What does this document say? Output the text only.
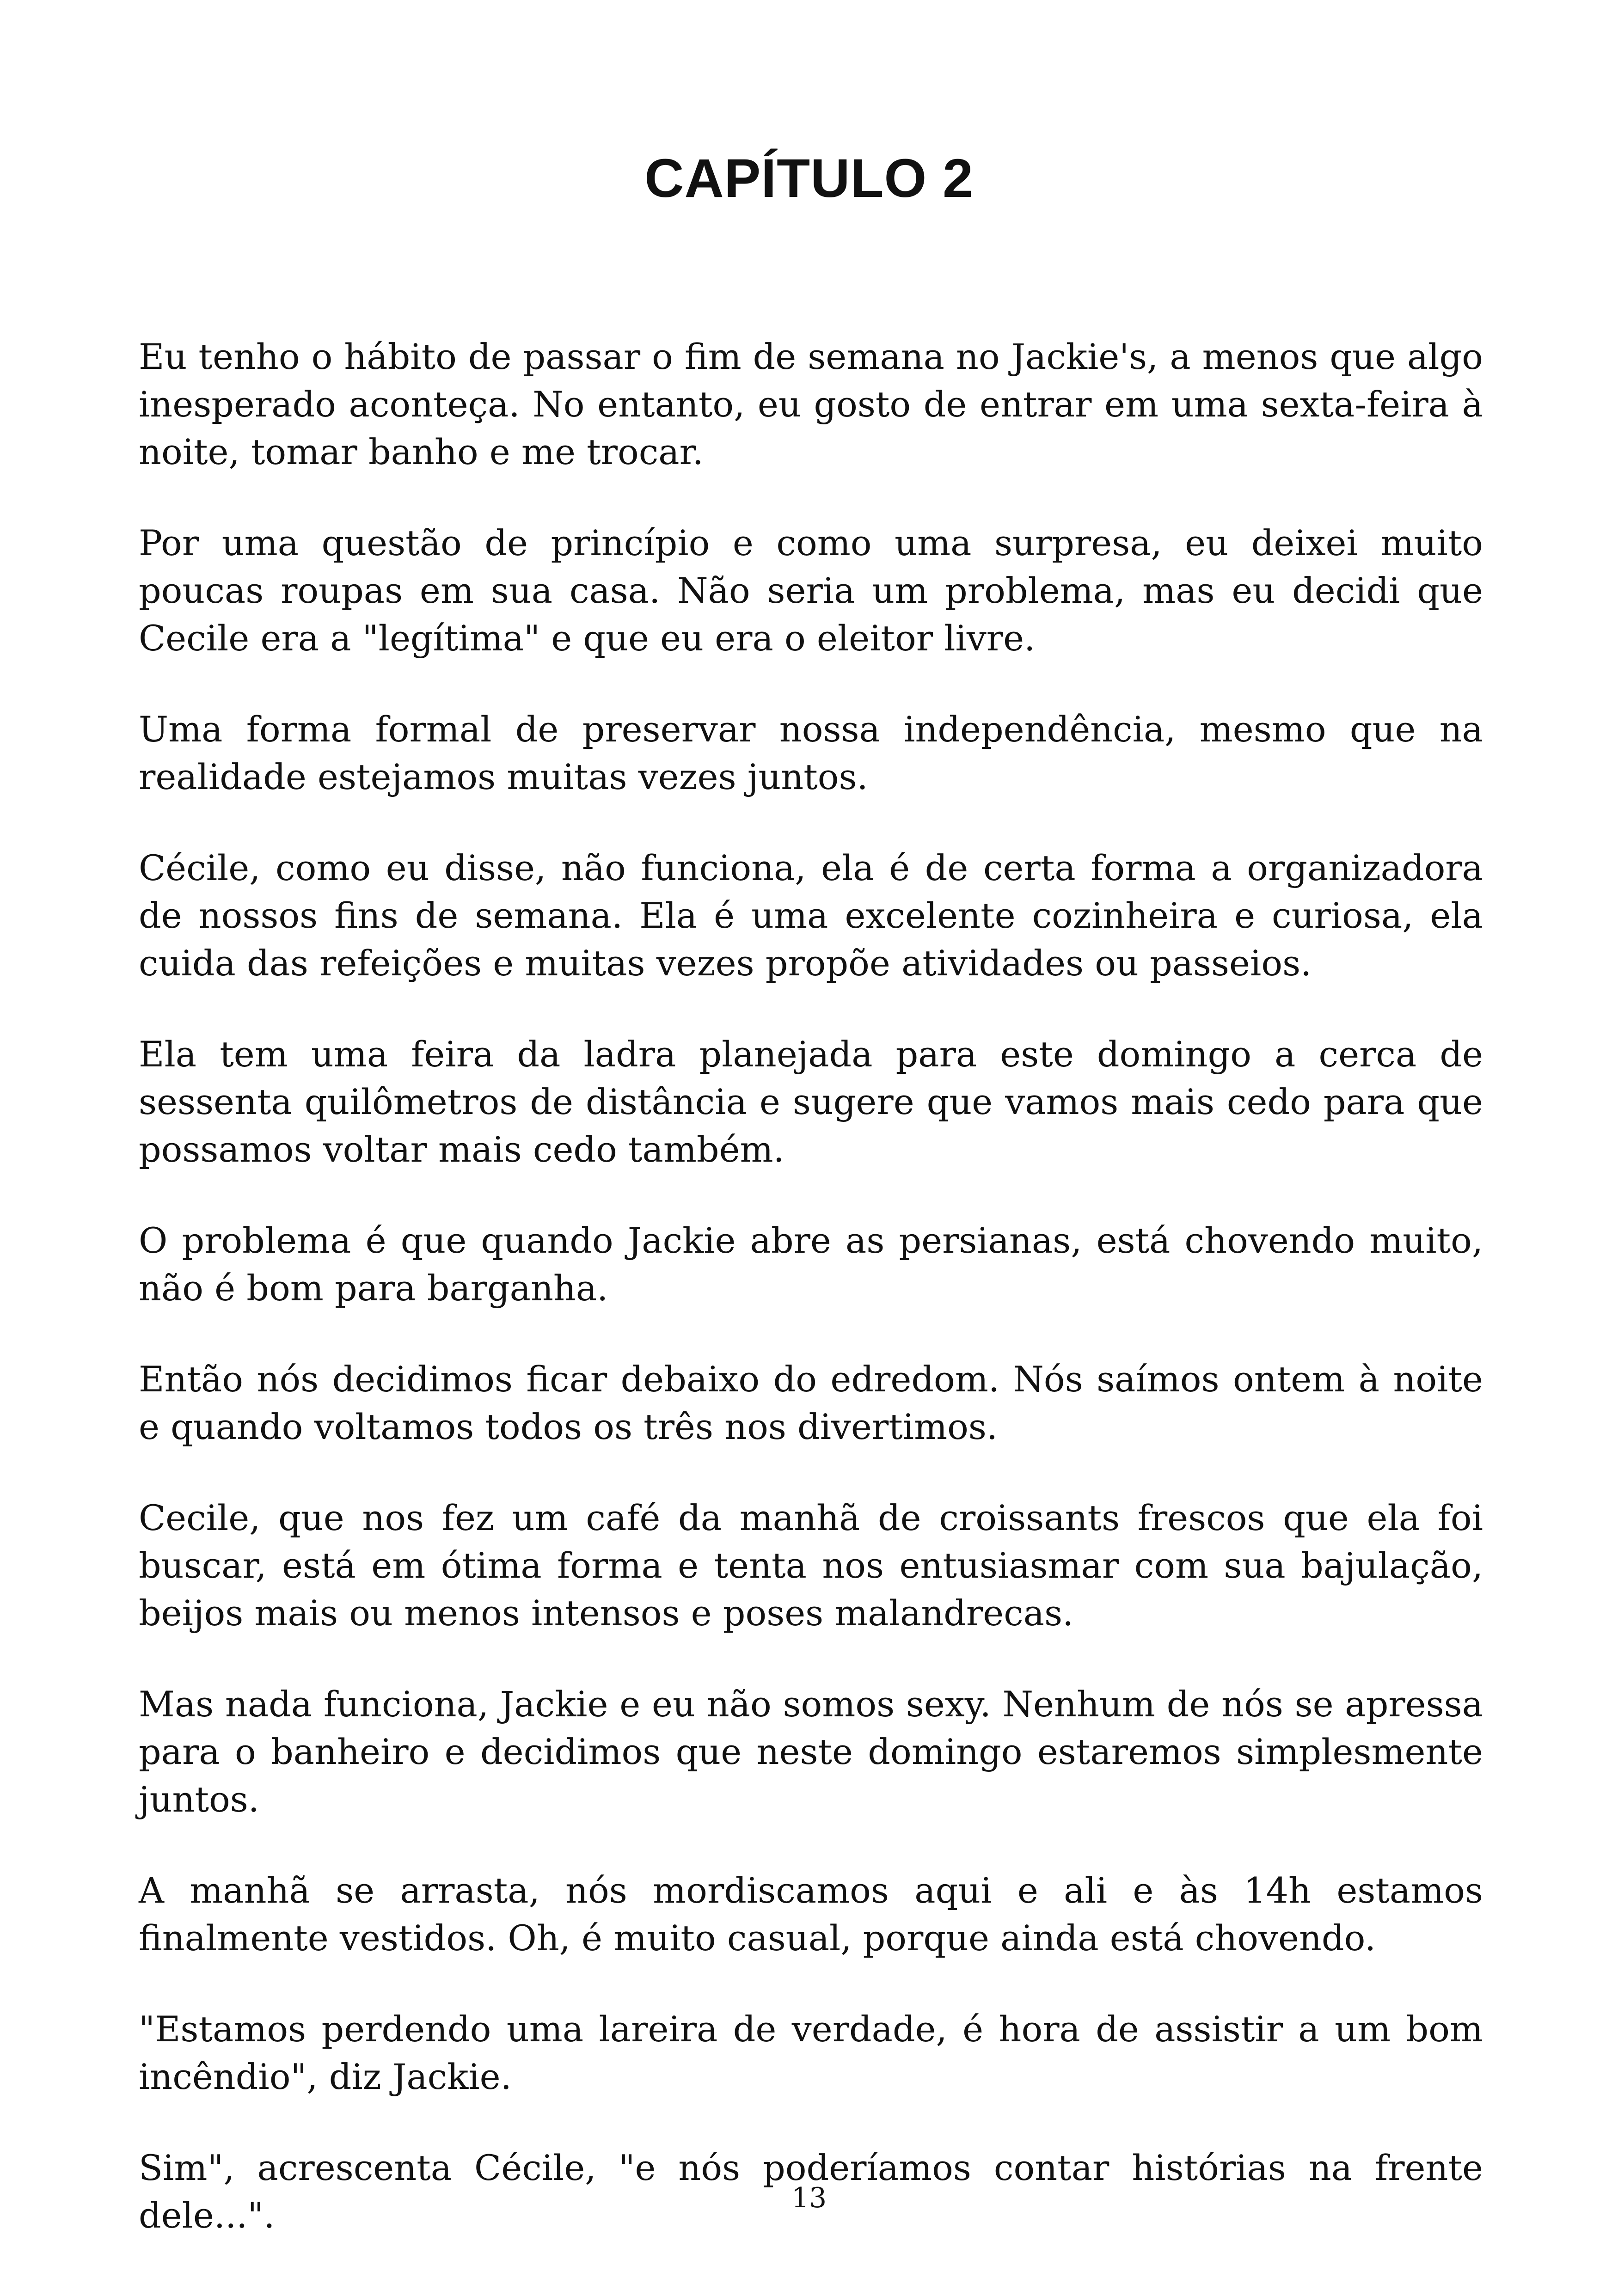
CAPÍTULO 2

Eu tenho o hábito de passar o fim de semana no Jackie's, a menos que algo inesperado aconteça. No entanto, eu gosto de entrar em uma sexta-feira à noite, tomar banho e me trocar.

Por uma questão de princípio e como uma surpresa, eu deixei muito poucas roupas em sua casa. Não seria um problema, mas eu decidi que Cecile era a "legítima" e que eu era o eleitor livre.

Uma forma formal de preservar nossa independência, mesmo que na realidade estejamos muitas vezes juntos.

Cécile, como eu disse, não funciona, ela é de certa forma a organizadora de nossos fins de semana. Ela é uma excelente cozinheira e curiosa, ela cuida das refeições e muitas vezes propõe atividades ou passeios.

Ela tem uma feira da ladra planejada para este domingo a cerca de sessenta quilômetros de distância e sugere que vamos mais cedo para que possamos voltar mais cedo também.

O problema é que quando Jackie abre as persianas, está chovendo muito, não é bom para barganha.

Então nós decidimos ficar debaixo do edredom. Nós saímos ontem à noite e quando voltamos todos os três nos divertimos.

Cecile, que nos fez um café da manhã de croissants frescos que ela foi buscar, está em ótima forma e tenta nos entusiasmar com sua bajulação, beijos mais ou menos intensos e poses malandrecas.

Mas nada funciona, Jackie e eu não somos sexy. Nenhum de nós se apressa para o banheiro e decidimos que neste domingo estaremos simplesmente juntos.

A manhã se arrasta, nós mordiscamos aqui e ali e às 14h estamos finalmente vestidos. Oh, é muito casual, porque ainda está chovendo.

"Estamos perdendo uma lareira de verdade, é hora de assistir a um bom incêndio", diz Jackie.

Sim", acrescenta Cécile, "e nós poderíamos contar histórias na frente dele...".	13
